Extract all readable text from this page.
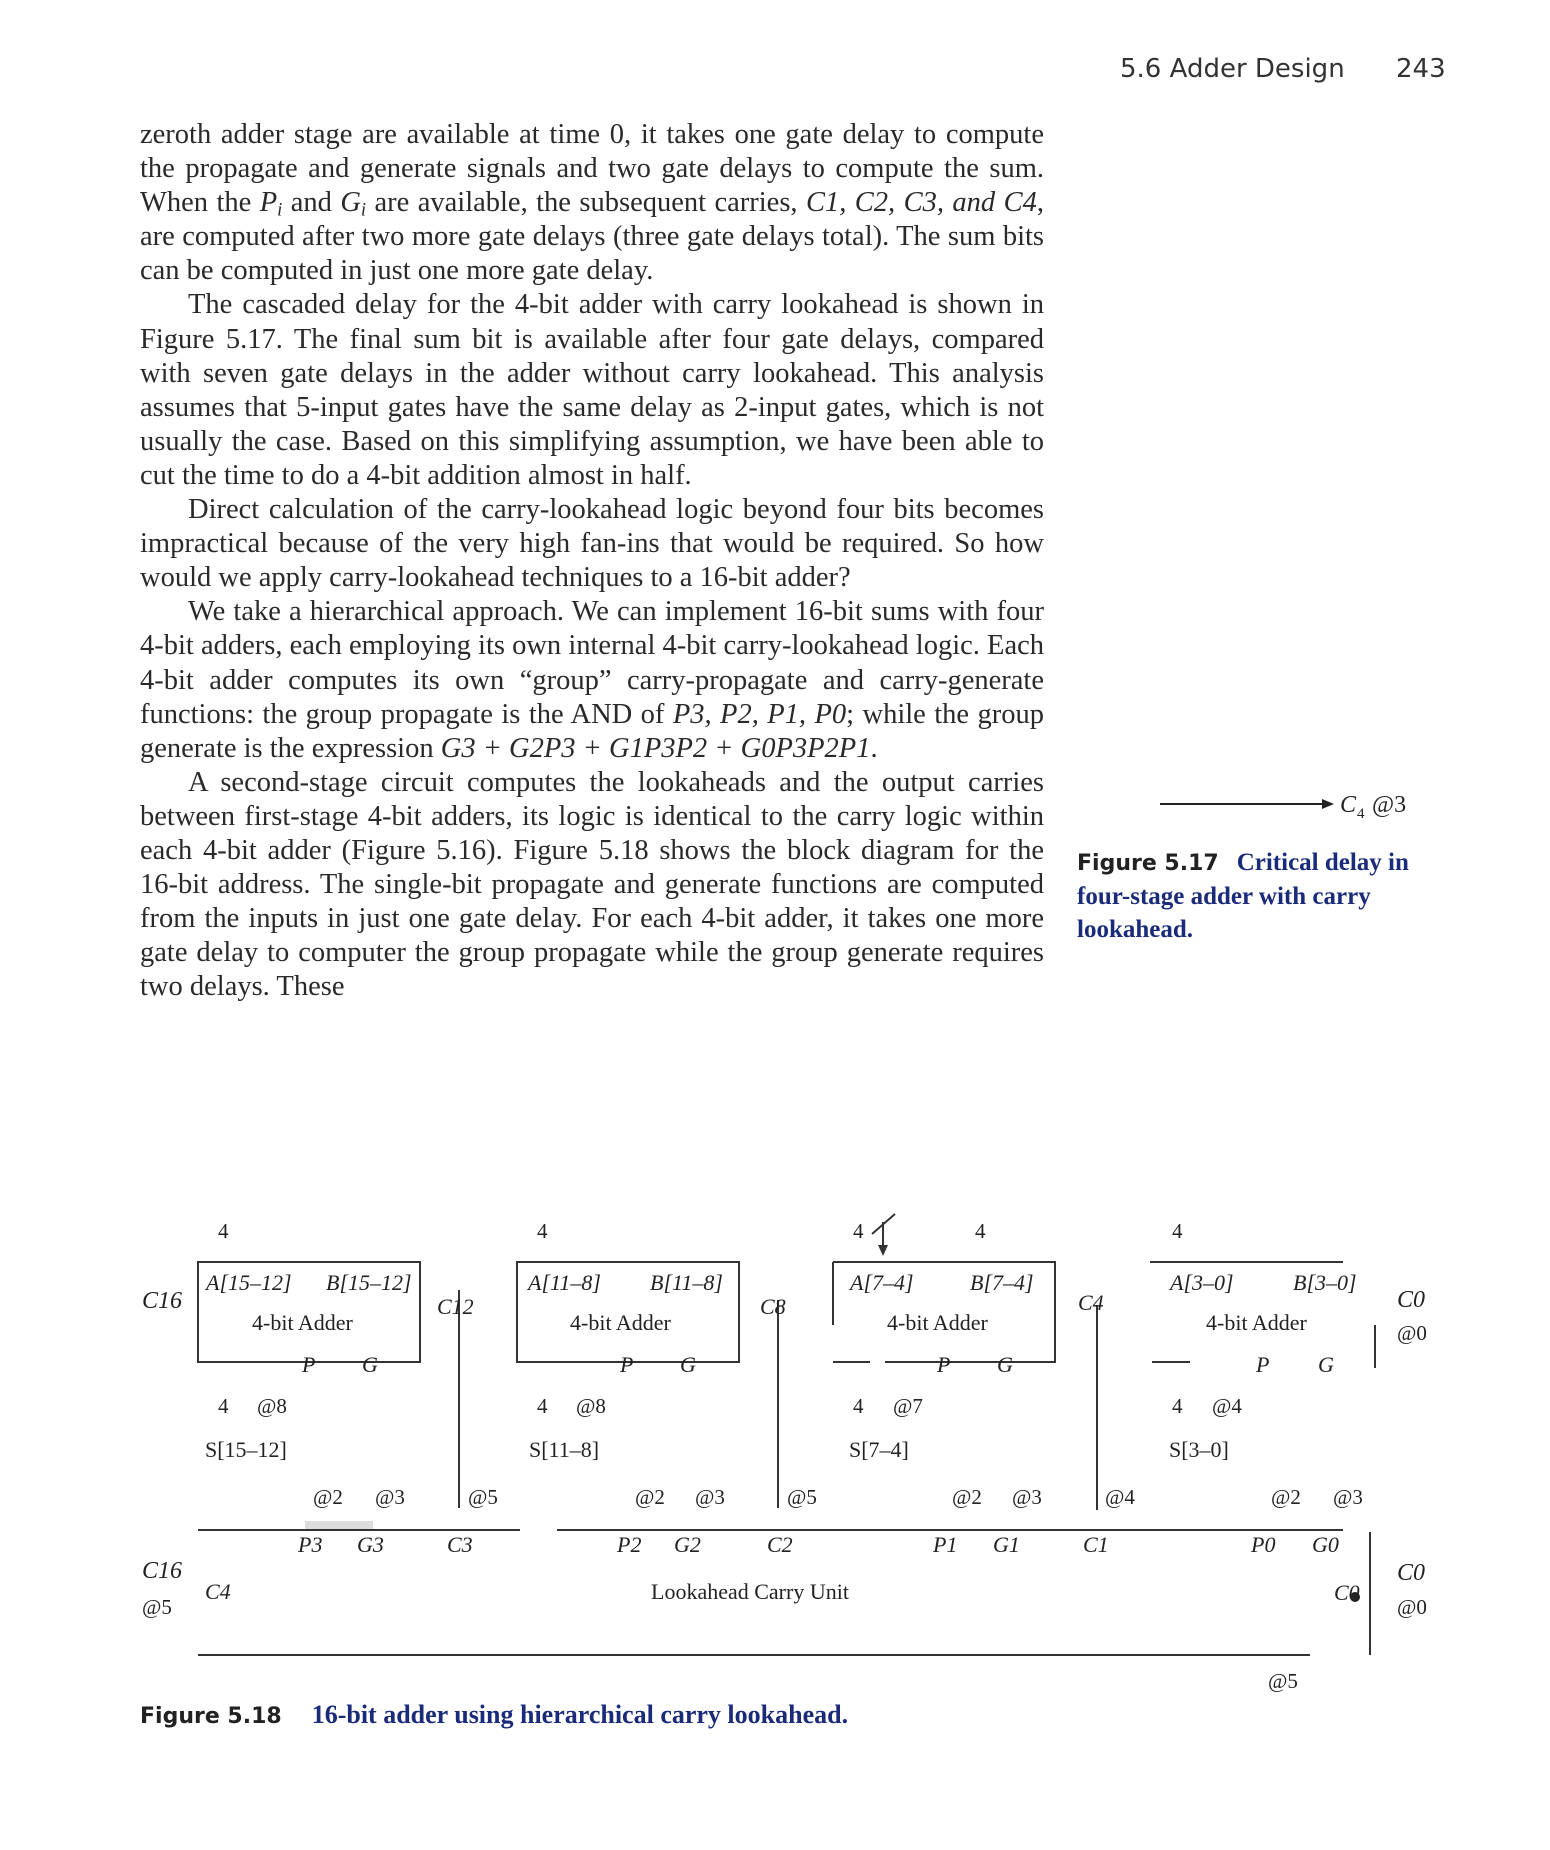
5.6 Adder Design 243

zeroth adder stage are available at time 0, it takes one gate delay to compute the propagate and generate signals and two gate delays to compute the sum. When the $P_i$ and $G_i$ are available, the subsequent carries, C1, C2, C3, and C4, are computed after two more gate delays (three gate delays total). The sum bits can be computed in just one more gate delay.

The cascaded delay for the 4-bit adder with carry lookahead is shown in Figure 5.17. The final sum bit is available after four gate delays, compared with seven gate delays in the adder without carry lookahead. This analysis assumes that 5-input gates have the same delay as 2-input gates, which is not usually the case. Based on this simplifying assumption, we have been able to cut the time to do a 4-bit addition almost in half.

Direct calculation of the carry-lookahead logic beyond four bits becomes impractical because of the very high fan-ins that would be required. So how would we apply carry-lookahead techniques to a 16-bit adder?

We take a hierarchical approach. We can implement 16-bit sums with four 4-bit adders, each employing its own internal 4-bit carry-lookahead logic. Each 4-bit adder computes its own “group” carry-propagate and carry-generate functions: the group propagate is the AND of P3, P2, P1, P0; while the group generate is the expression G3 + G2P3 + G1P3P2 + G0P3P2P1.

A second-stage circuit computes the lookaheads and the output carries between first-stage 4-bit adders, its logic is identical to the carry logic within each 4-bit adder (Figure 5.16). Figure 5.18 shows the block diagram for the 16-bit address. The single-bit propagate and generate functions are computed from the inputs in just one gate delay. For each 4-bit adder, it takes one more gate delay to computer the group propagate while the group generate requires two delays. These

C 4 @3
Figure 5.17 Critical delay in four-stage adder with carry lookahead.
4
A[15–12] B[15–12]
4-bit Adder
P G
4 @8
S[15–12]
@2 @3
C12
@5
4
A[11–8] B[11–8]
4-bit Adder
P G
4 @8
S[11–8]
@2 @3
C8
@5
4	4
A[7–4]	B[7–4]
4-bit Adder
P G
4 @7
S[7–4]
@2 @3
C4
@4
4
A[3–0]	B[3–0]
4-bit Adder
P G
4 @4
S[3–0]
@2 @3
C16	C0
@0
P3 G3	C3	P2 G2	C2	P1 G1	C1	P0 G0
Lookahead Carry Unit
C4	C0
C16
@5
C0
@0
@5
Figure 5.18 16-bit adder using hierarchical carry lookahead.
